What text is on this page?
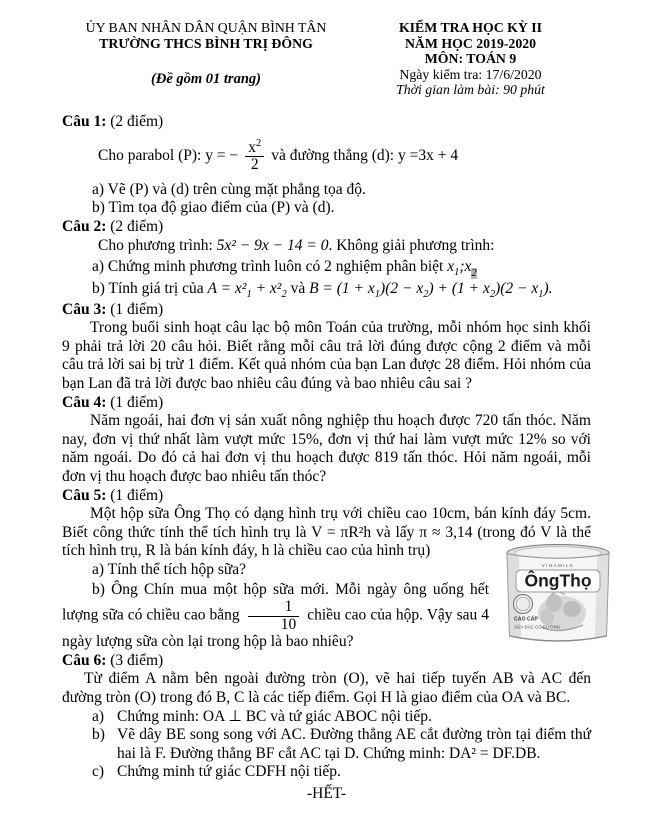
ỦY BAN NHÂN DÂN QUẬN BÌNH TÂN
TRƯỜNG THCS BÌNH TRỊ ĐÔNG
(Đề gồm 01 trang)
KIỂM TRA HỌC KỲ II
NĂM HỌC 2019-2020
MÔN: TOÁN 9
Ngày kiểm tra: 17/6/2020
Thời gian làm bài: 90 phút
Câu 1: (2 điểm)
Cho parabol (P): y = − $\frac{x^2}{2}$ và đường thẳng (d): y =3x + 4
a) Vẽ (P) và (d) trên cùng mặt phẳng tọa độ.
b) Tìm tọa độ giao điểm của (P) và (d).
Câu 2: (2 điểm)
Cho phương trình: 5x² − 9x − 14 = 0. Không giải phương trình:
a) Chứng minh phương trình luôn có 2 nghiệm phân biệt $x_1;x_2$
b) Tính giá trị của $A = x^2_1 + x^2_2$ và $B = (1 + x_1)(2 - x_2) + (1 + x_2)(2 - x_1)$.
Câu 3: (1 điểm)
Trong buổi sinh hoạt câu lạc bộ môn Toán của trường, mỗi nhóm học sinh khối 9 phải trả lời 20 câu hỏi. Biết rằng mỗi câu trả lời đúng được cộng 2 điểm và mỗi câu trả lời sai bị trừ 1 điểm. Kết quả nhóm của bạn Lan được 28 điểm. Hỏi nhóm của bạn Lan đã trả lời được bao nhiêu câu đúng và bao nhiêu câu sai ?
Câu 4: (1 điểm)
Năm ngoái, hai đơn vị sản xuất nông nghiệp thu hoạch được 720 tấn thóc. Năm nay, đơn vị thứ nhất làm vượt mức 15%, đơn vị thứ hai làm vượt mức 12% so với năm ngoái. Do đó cả hai đơn vị thu hoạch được 819 tấn thóc. Hỏi năm ngoái, mỗi đơn vị thu hoạch được bao nhiêu tấn thóc?
Câu 5: (1 điểm)
Một hộp sữa Ông Thọ có dạng hình trụ với chiều cao 10cm, bán kính đáy 5cm. Biết công thức tính thể tích hình trụ là V = πR²h và lấy π ≈ 3,14 (trong đó V là thể tích hình trụ, R là bán kính đáy, h là chiều cao của hình trụ)
VINAMILK
ÔngThọ
CAO CẤP
SỮA ĐẶC CÓ ĐƯỜNG
a) Tính thể tích hộp sữa?
b) Ông Chín mua một hộp sữa mới. Mỗi ngày ông uống hết lượng sữa có chiều cao bằng $\frac{1}{10}$ chiều cao của hộp. Vậy sau 4 ngày lượng sữa còn lại trong hộp là bao nhiêu?
Câu 6: (3 điểm)
Từ điểm A nằm bên ngoài đường tròn (O), vẽ hai tiếp tuyến AB và AC đến đường tròn (O) trong đó B, C là các tiếp điểm. Gọi H là giao điểm của OA và BC.
a) Chứng minh: OA ⊥ BC và tứ giác ABOC nội tiếp.
b) Vẽ dây BE song song với AC. Đường thẳng AE cắt đường tròn tại điểm thứ hai là F. Đường thẳng BF cắt AC tại D. Chứng minh: DA² = DF.DB.
c) Chứng minh tứ giác CDFH nội tiếp.
-HẾT-
